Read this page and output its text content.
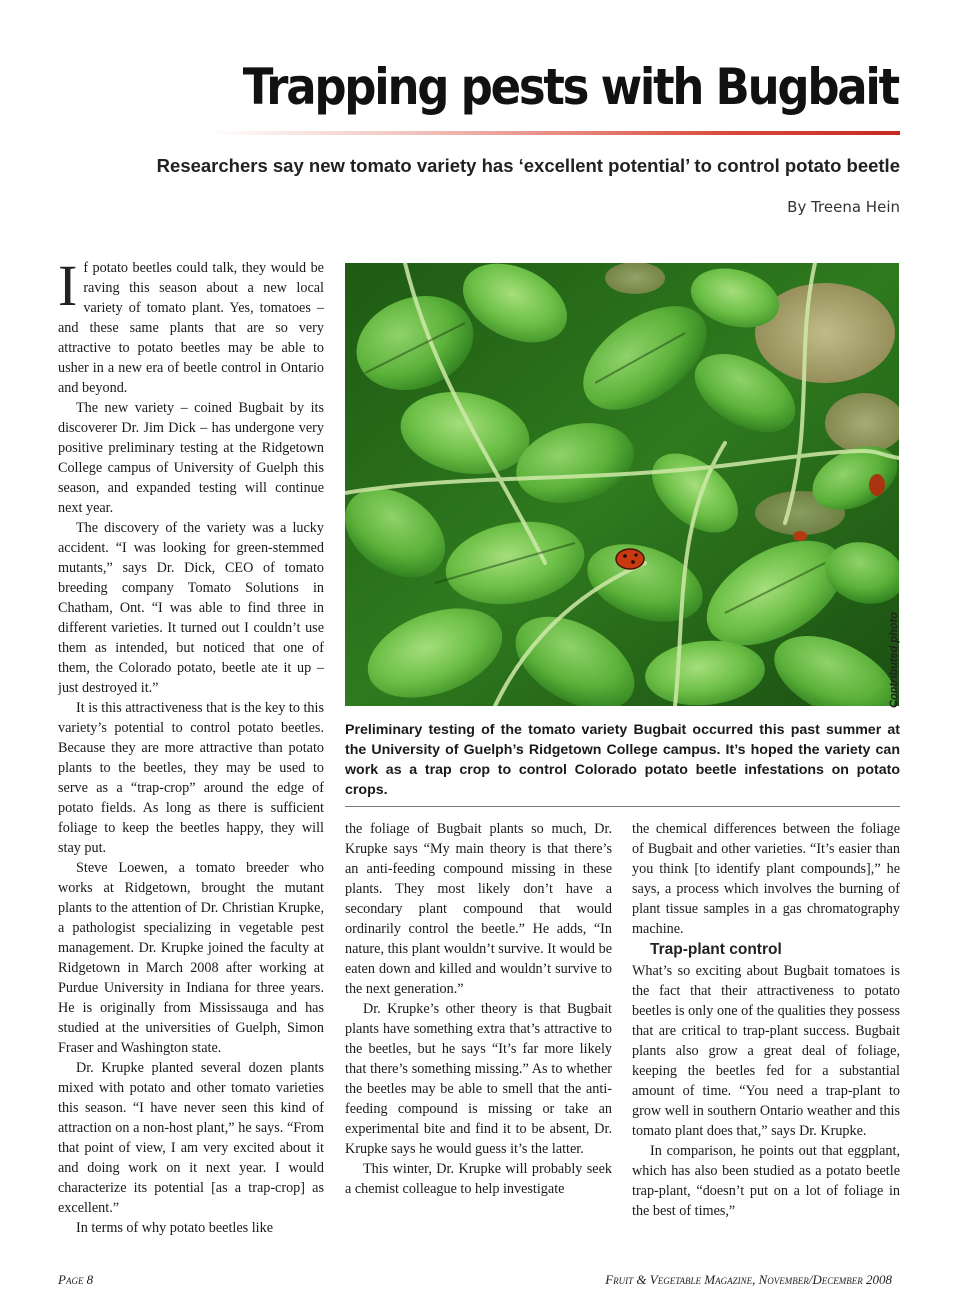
Trapping pests with Bugbait
Researchers say new tomato variety has ‘excellent potential’ to control potato beetle
By Treena Hein

If potato beetles could talk, they would be raving this season about a new local variety of tomato plant. Yes, tomatoes – and these same plants that are so very attractive to potato beetles may be able to usher in a new era of beetle control in Ontario and beyond.

The new variety – coined Bugbait by its discoverer Dr. Jim Dick – has undergone very positive preliminary testing at the Ridgetown College campus of University of Guelph this season, and expanded testing will continue next year.

The discovery of the variety was a lucky accident. “I was looking for green-stemmed mutants,” says Dr. Dick, CEO of tomato breeding company Tomato Solutions in Chatham, Ont. “I was able to find three in different varieties. It turned out I couldn’t use them as intended, but noticed that one of them, the Colorado potato, beetle ate it up – just destroyed it.”

It is this attractiveness that is the key to this variety’s potential to control potato beetles. Because they are more attractive than potato plants to the beetles, they may be used to serve as a “trap-crop” around the edge of potato fields. As long as there is sufficient foliage to keep the beetles happy, they will stay put.

Steve Loewen, a tomato breeder who works at Ridgetown, brought the mutant plants to the attention of Dr. Christian Krupke, a pathologist specializing in vegetable pest management. Dr. Krupke joined the faculty at Ridgetown in March 2008 after working at Purdue University in Indiana for three years. He is originally from Mississauga and has studied at the universities of Guelph, Simon Fraser and Washington state.

Dr. Krupke planted several dozen plants mixed with potato and other tomato varieties this season. “I have never seen this kind of attraction on a non-host plant,” he says. “From that point of view, I am very excited about it and doing work on it next year. I would characterize its potential [as a trap-crop] as excellent.”

In terms of why potato beetles like

Contributed photo

Preliminary testing of the tomato variety Bugbait occurred this past summer at the University of Guelph’s Ridgetown College campus. It’s hoped the variety can work as a trap crop to control Colorado potato beetle infestations on potato crops.

the foliage of Bugbait plants so much, Dr. Krupke says “My main theory is that there’s an anti-feeding compound missing in these plants. They most likely don’t have a secondary plant compound that would ordinarily control the beetle.” He adds, “In nature, this plant wouldn’t survive. It would be eaten down and killed and wouldn’t survive to the next generation.”

Dr. Krupke’s other theory is that Bugbait plants have something extra that’s attractive to the beetles, but he says “It’s far more likely that there’s something missing.” As to whether the beetles may be able to smell that the anti-feeding compound is missing or take an experimental bite and find it to be absent, Dr. Krupke says he would guess it’s the latter.

This winter, Dr. Krupke will probably seek a chemist colleague to help investigate

the chemical differences between the foliage of Bugbait and other varieties. “It’s easier than you think [to identify plant compounds],” he says, a process which involves the burning of plant tissue samples in a gas chromatography machine.

Trap-plant control

What’s so exciting about Bugbait tomatoes is the fact that their attractiveness to potato beetles is only one of the qualities they possess that are critical to trap-plant success. Bugbait plants also grow a great deal of foliage, keeping the beetles fed for a substantial amount of time. “You need a trap-plant to grow well in southern Ontario weather and this tomato plant does that,” says Dr. Krupke.

In comparison, he points out that eggplant, which has also been studied as a potato beetle trap-plant, “doesn’t put on a lot of foliage in the best of times,”

Page 8	Fruit & Vegetable Magazine, November/December 2008
